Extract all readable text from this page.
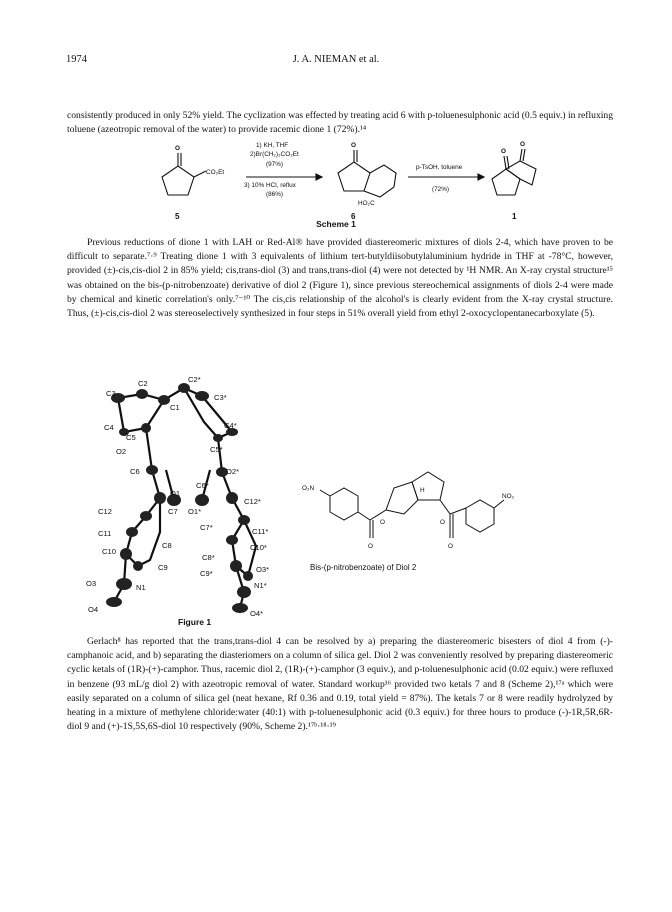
1974	J. A. NIEMAN et al.

consistently produced in only 52% yield. The cyclization was effected by treating acid 6 with p-toluenesulphonic acid (0.5 equiv.) in refluxing toluene (azeotropic removal of the water) to provide racemic dione 1 (72%).¹⁴

O
CO₂Et
5
1) KH, THF
2)Br(CH₂)₃CO₂Et
(97%)
3) 10% HCl, reflux
(86%)
O
HO₂C
6
p-TsOH, toluene
(72%)
O
O
1
Scheme 1

Previous reductions of dione 1 with LAH or Red-Al® have provided diastereomeric mixtures of diols 2-4, which have proven to be difficult to separate.⁷·⁹ Treating dione 1 with 3 equivalents of lithium tert-butyldiisobutylaluminium hydride in THF at -78°C, however, provided (±)-cis,cis-diol 2 in 85% yield; cis,trans-diol (3) and trans,trans-diol (4) were not detected by ¹H NMR. An X-ray crystal structure¹⁵ was obtained on the bis-(p-nitrobenzoate) derivative of diol 2 (Figure 1), since previous stereochemical assignments of diols 2-4 were made by chemical and kinetic correlation's only.⁷⁻¹⁰ The cis,cis relationship of the alcohol's is clearly evident from the X-ray crystal structure. Thus, (±)-cis,cis-diol 2 was stereoselectively synthesized in four steps in 51% overall yield from ethyl 2-oxocyclopentanecarboxylate (5).

C3
C2
C1
C2*
C3*
C4
C5
C4*
O2	C5*
C6	O2*
C6*
O1
C12	C7 O1*
C12*
C11
C7*	C11*
C8
C10	C10*
C8*
C9	O3*
O3	N1
C9*
N1*
O4	O4*
Figure 1
O₂N
NO₂
H
O
O
O
O
Bis-(p-nitrobenzoate) of Diol 2

Gerlach⁸ has reported that the trans,trans-diol 4 can be resolved by a) preparing the diastereomeric bisesters of diol 4 from (-)-camphanoic acid, and b) separating the diasteriomers on a column of silica gel. Diol 2 was conveniently resolved by preparing diastereomeric cyclic ketals of (1R)-(+)-camphor. Thus, racemic diol 2, (1R)-(+)-camphor (3 equiv.), and p-toluenesulphonic acid (0.02 equiv.) were refluxed in benzene (93 mL/g diol 2) with azeotropic removal of water. Standard workup¹⁶ provided two ketals 7 and 8 (Scheme 2),¹⁷ᵃ which were easily separated on a column of silica gel (neat hexane, Rf 0.36 and 0.19, total yield = 87%). The ketals 7 or 8 were readily hydrolyzed by heating in a mixture of methylene chloride:water (40:1) with p-toluenesulphonic acid (0.3 equiv.) for three hours to produce (-)-1R,5R,6R-diol 9 and (+)-1S,5S,6S-diol 10 respectively (90%, Scheme 2).¹⁷ᵇ·¹⁸·¹⁹
